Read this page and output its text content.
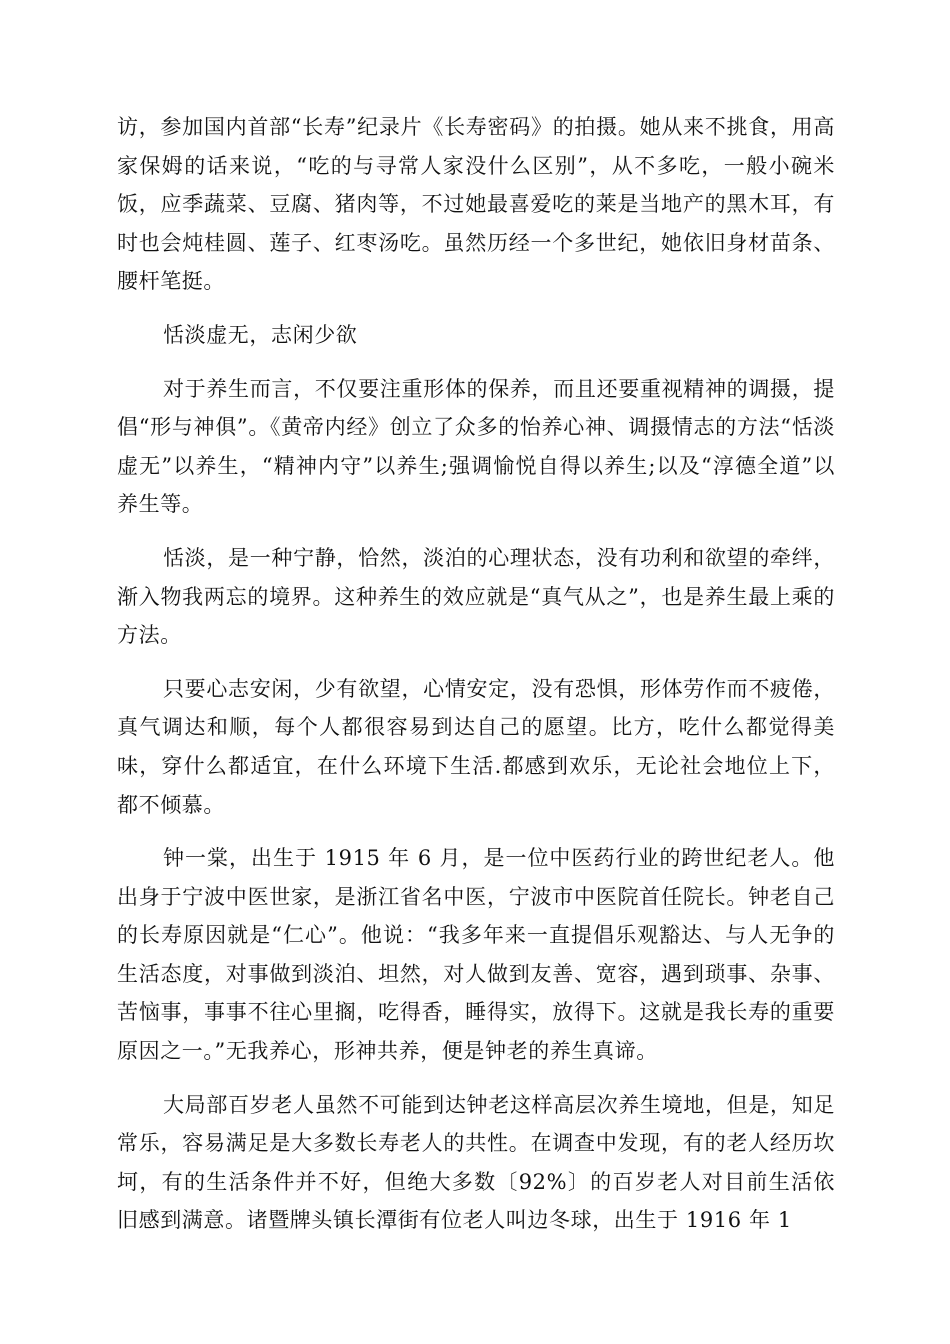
访，参加国内首部“长寿”纪录片《长寿密码》的拍摄。她从来不挑食，用高家保姆的话来说，“吃的与寻常人家没什么区别”，从不多吃，一般小碗米饭，应季蔬菜、豆腐、猪肉等，不过她最喜爱吃的莱是当地产的黑木耳，有时也会炖桂圆、莲子、红枣汤吃。虽然历经一个多世纪，她依旧身材苗条、腰杆笔挺。

恬淡虚无，志闲少欲

对于养生而言，不仅要注重形体的保养，而且还要重视精神的调摄，提倡“形与神俱”。《黄帝内经》创立了众多的怡养心神、调摄情志的方法“恬淡虚无”以养生，“精神内守”以养生;强调愉悦自得以养生;以及“淳德全道”以养生等。

恬淡，是一种宁静，恰然，淡泊的心理状态，没有功利和欲望的牵绊，渐入物我两忘的境界。这种养生的效应就是“真气从之”，也是养生最上乘的方法。

只要心志安闲，少有欲望，心情安定，没有恐惧，形体劳作而不疲倦，真气调达和顺，每个人都很容易到达自己的愿望。比方，吃什么都觉得美味，穿什么都适宜，在什么环境下生活.都感到欢乐，无论社会地位上下，都不倾慕。

钟一棠，出生于 1915 年 6 月，是一位中医药行业的跨世纪老人。他出身于宁波中医世家，是浙江省名中医，宁波市中医院首任院长。钟老自己的长寿原因就是“仁心”。他说：“我多年来一直提倡乐观豁达、与人无争的生活态度，对事做到淡泊、坦然，对人做到友善、宽容，遇到琐事、杂事、苦恼事，事事不往心里搁，吃得香，睡得实，放得下。这就是我长寿的重要原因之一。”无我养心，形神共养，便是钟老的养生真谛。

大局部百岁老人虽然不可能到达钟老这样高层次养生境地，但是，知足常乐，容易满足是大多数长寿老人的共性。在调查中发现，有的老人经历坎坷，有的生活条件并不好，但绝大多数〔92%〕的百岁老人对目前生活依旧感到满意。诸暨牌头镇长潭街有位老人叫边冬球，出生于 1916 年 1
